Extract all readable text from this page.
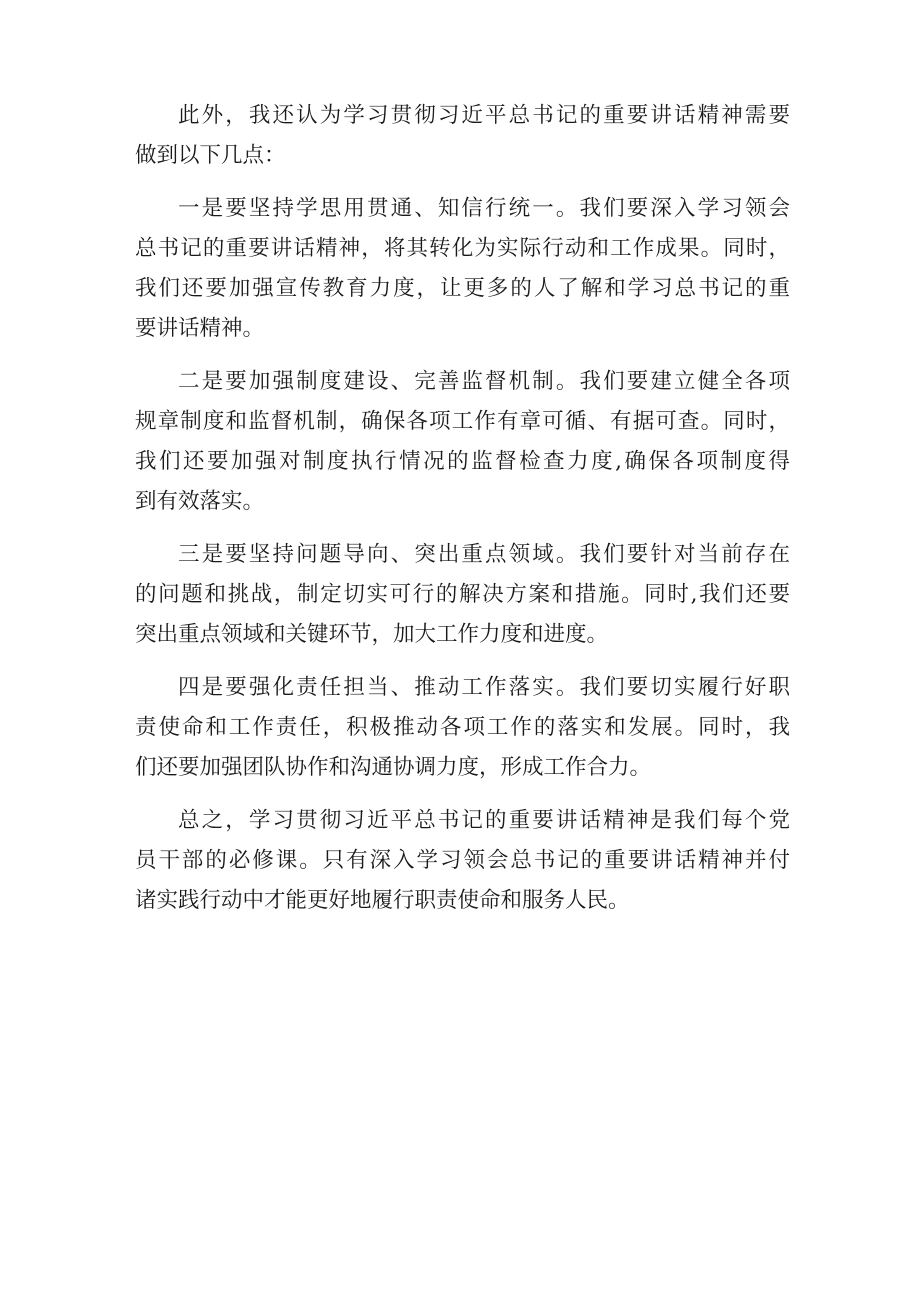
此外，我还认为学习贯彻习近平总书记的重要讲话精神需要
做到以下几点：
一是要坚持学思用贯通、知信行统一。我们要深入学习领会
总书记的重要讲话精神，将其转化为实际行动和工作成果。同时，
我们还要加强宣传教育力度，让更多的人了解和学习总书记的重
要讲话精神。
二是要加强制度建设、完善监督机制。我们要建立健全各项
规章制度和监督机制，确保各项工作有章可循、有据可查。同时，
我们还要加强对制度执行情况的监督检查力度,确保各项制度得
到有效落实。
三是要坚持问题导向、突出重点领域。我们要针对当前存在
的问题和挑战，制定切实可行的解决方案和措施。同时,我们还要
突出重点领域和关键环节，加大工作力度和进度。
四是要强化责任担当、推动工作落实。我们要切实履行好职
责使命和工作责任，积极推动各项工作的落实和发展。同时，我
们还要加强团队协作和沟通协调力度，形成工作合力。
总之，学习贯彻习近平总书记的重要讲话精神是我们每个党
员干部的必修课。只有深入学习领会总书记的重要讲话精神并付
诸实践行动中才能更好地履行职责使命和服务人民。
